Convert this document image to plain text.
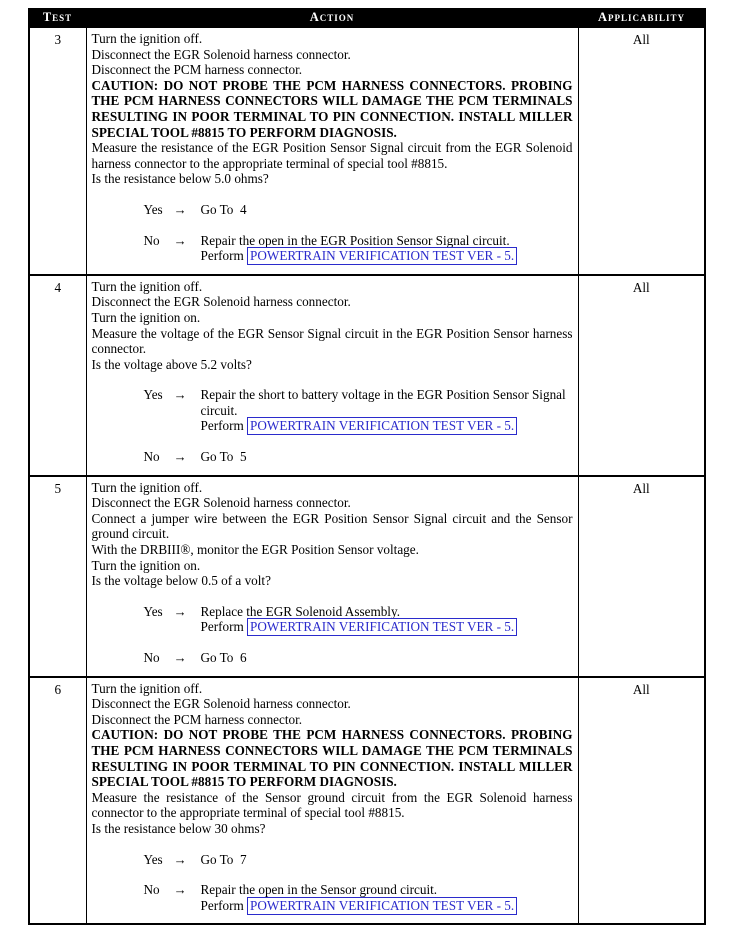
Test	Action	Applicability
3	Turn the ignition off.
Disconnect the EGR Solenoid harness connector.
Disconnect the PCM harness connector.
CAUTION: DO NOT PROBE THE PCM HARNESS CONNECTORS. PROBING THE PCM HARNESS CONNECTORS WILL DAMAGE THE PCM TERMINALS RESULTING IN POOR TERMINAL TO PIN CONNECTION. INSTALL MILLER SPECIAL TOOL #8815 TO PERFORM DIAGNOSIS.
Measure the resistance of the EGR Position Sensor Signal circuit from the EGR Solenoid harness connector to the appropriate terminal of special tool #8815.
Is the resistance below 5.0 ohms?
Yes →	Go To  4
No	→	Repair the open in the EGR Position Sensor Signal circuit.
Perform POWERTRAIN VERIFICATION TEST VER - 5.
	All
4	Turn the ignition off.
Disconnect the EGR Solenoid harness connector.
Turn the ignition on.
Measure the voltage of the EGR Sensor Signal circuit in the EGR Position Sensor harness connector.
Is the voltage above 5.2 volts?
Yes →	Repair the short to battery voltage in the EGR Position Sensor Signal circuit.
Perform POWERTRAIN VERIFICATION TEST VER - 5.
No	→	Go To  5
	All
5	Turn the ignition off.
Disconnect the EGR Solenoid harness connector.
Connect a jumper wire between the EGR Position Sensor Signal circuit and the Sensor ground circuit.
With the DRBIII®, monitor the EGR Position Sensor voltage.
Turn the ignition on.
Is the voltage below 0.5 of a volt?
Yes →	Replace the EGR Solenoid Assembly.
Perform POWERTRAIN VERIFICATION TEST VER - 5.
No	→	Go To  6
	All
6	Turn the ignition off.
Disconnect the EGR Solenoid harness connector.
Disconnect the PCM harness connector.
CAUTION: DO NOT PROBE THE PCM HARNESS CONNECTORS. PROBING THE PCM HARNESS CONNECTORS WILL DAMAGE THE PCM TERMINALS RESULTING IN POOR TERMINAL TO PIN CONNECTION. INSTALL MILLER SPECIAL TOOL #8815 TO PERFORM DIAGNOSIS.
Measure the resistance of the Sensor ground circuit from the EGR Solenoid harness connector to the appropriate terminal of special tool #8815.
Is the resistance below 30 ohms?
Yes →	Go To  7
No	→	Repair the open in the Sensor ground circuit.
Perform POWERTRAIN VERIFICATION TEST VER - 5.
	All
